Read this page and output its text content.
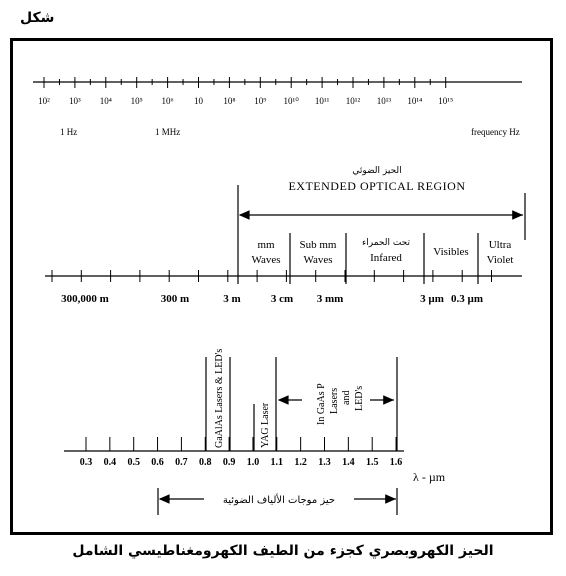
شكل
10² 10³ 10⁴ 10⁵ 10⁶ 10 10⁸ 10⁹ 10¹⁰ 10¹¹ 10¹² 10¹³ 10¹⁴ 10¹⁵
1 Hz	1 MHz	frequency Hz
الحيز الضوئي
EXTENDED OPTICAL REGION
mm
Waves
Sub mm
Waves
تحت الحمراء
Infared	Visibles
Ultra
Violet
300,000 m	300 m	3 m	3 cm 3 mm	3 µm 0.3 µm
GaAlAs Lasers & LED's	YAG Laser	In GaAs P Lasers and LED's
0.3 0.4 0.5 0.6 0.7 0.8 0.9 1.0 1.1 1.2 1.3 1.4 1.5 1.6
λ - µm
حيز موجات الألياف الضوئية
الحيز الكهروبصري كجزء من الطيف الكهرومغناطيسي الشامل
